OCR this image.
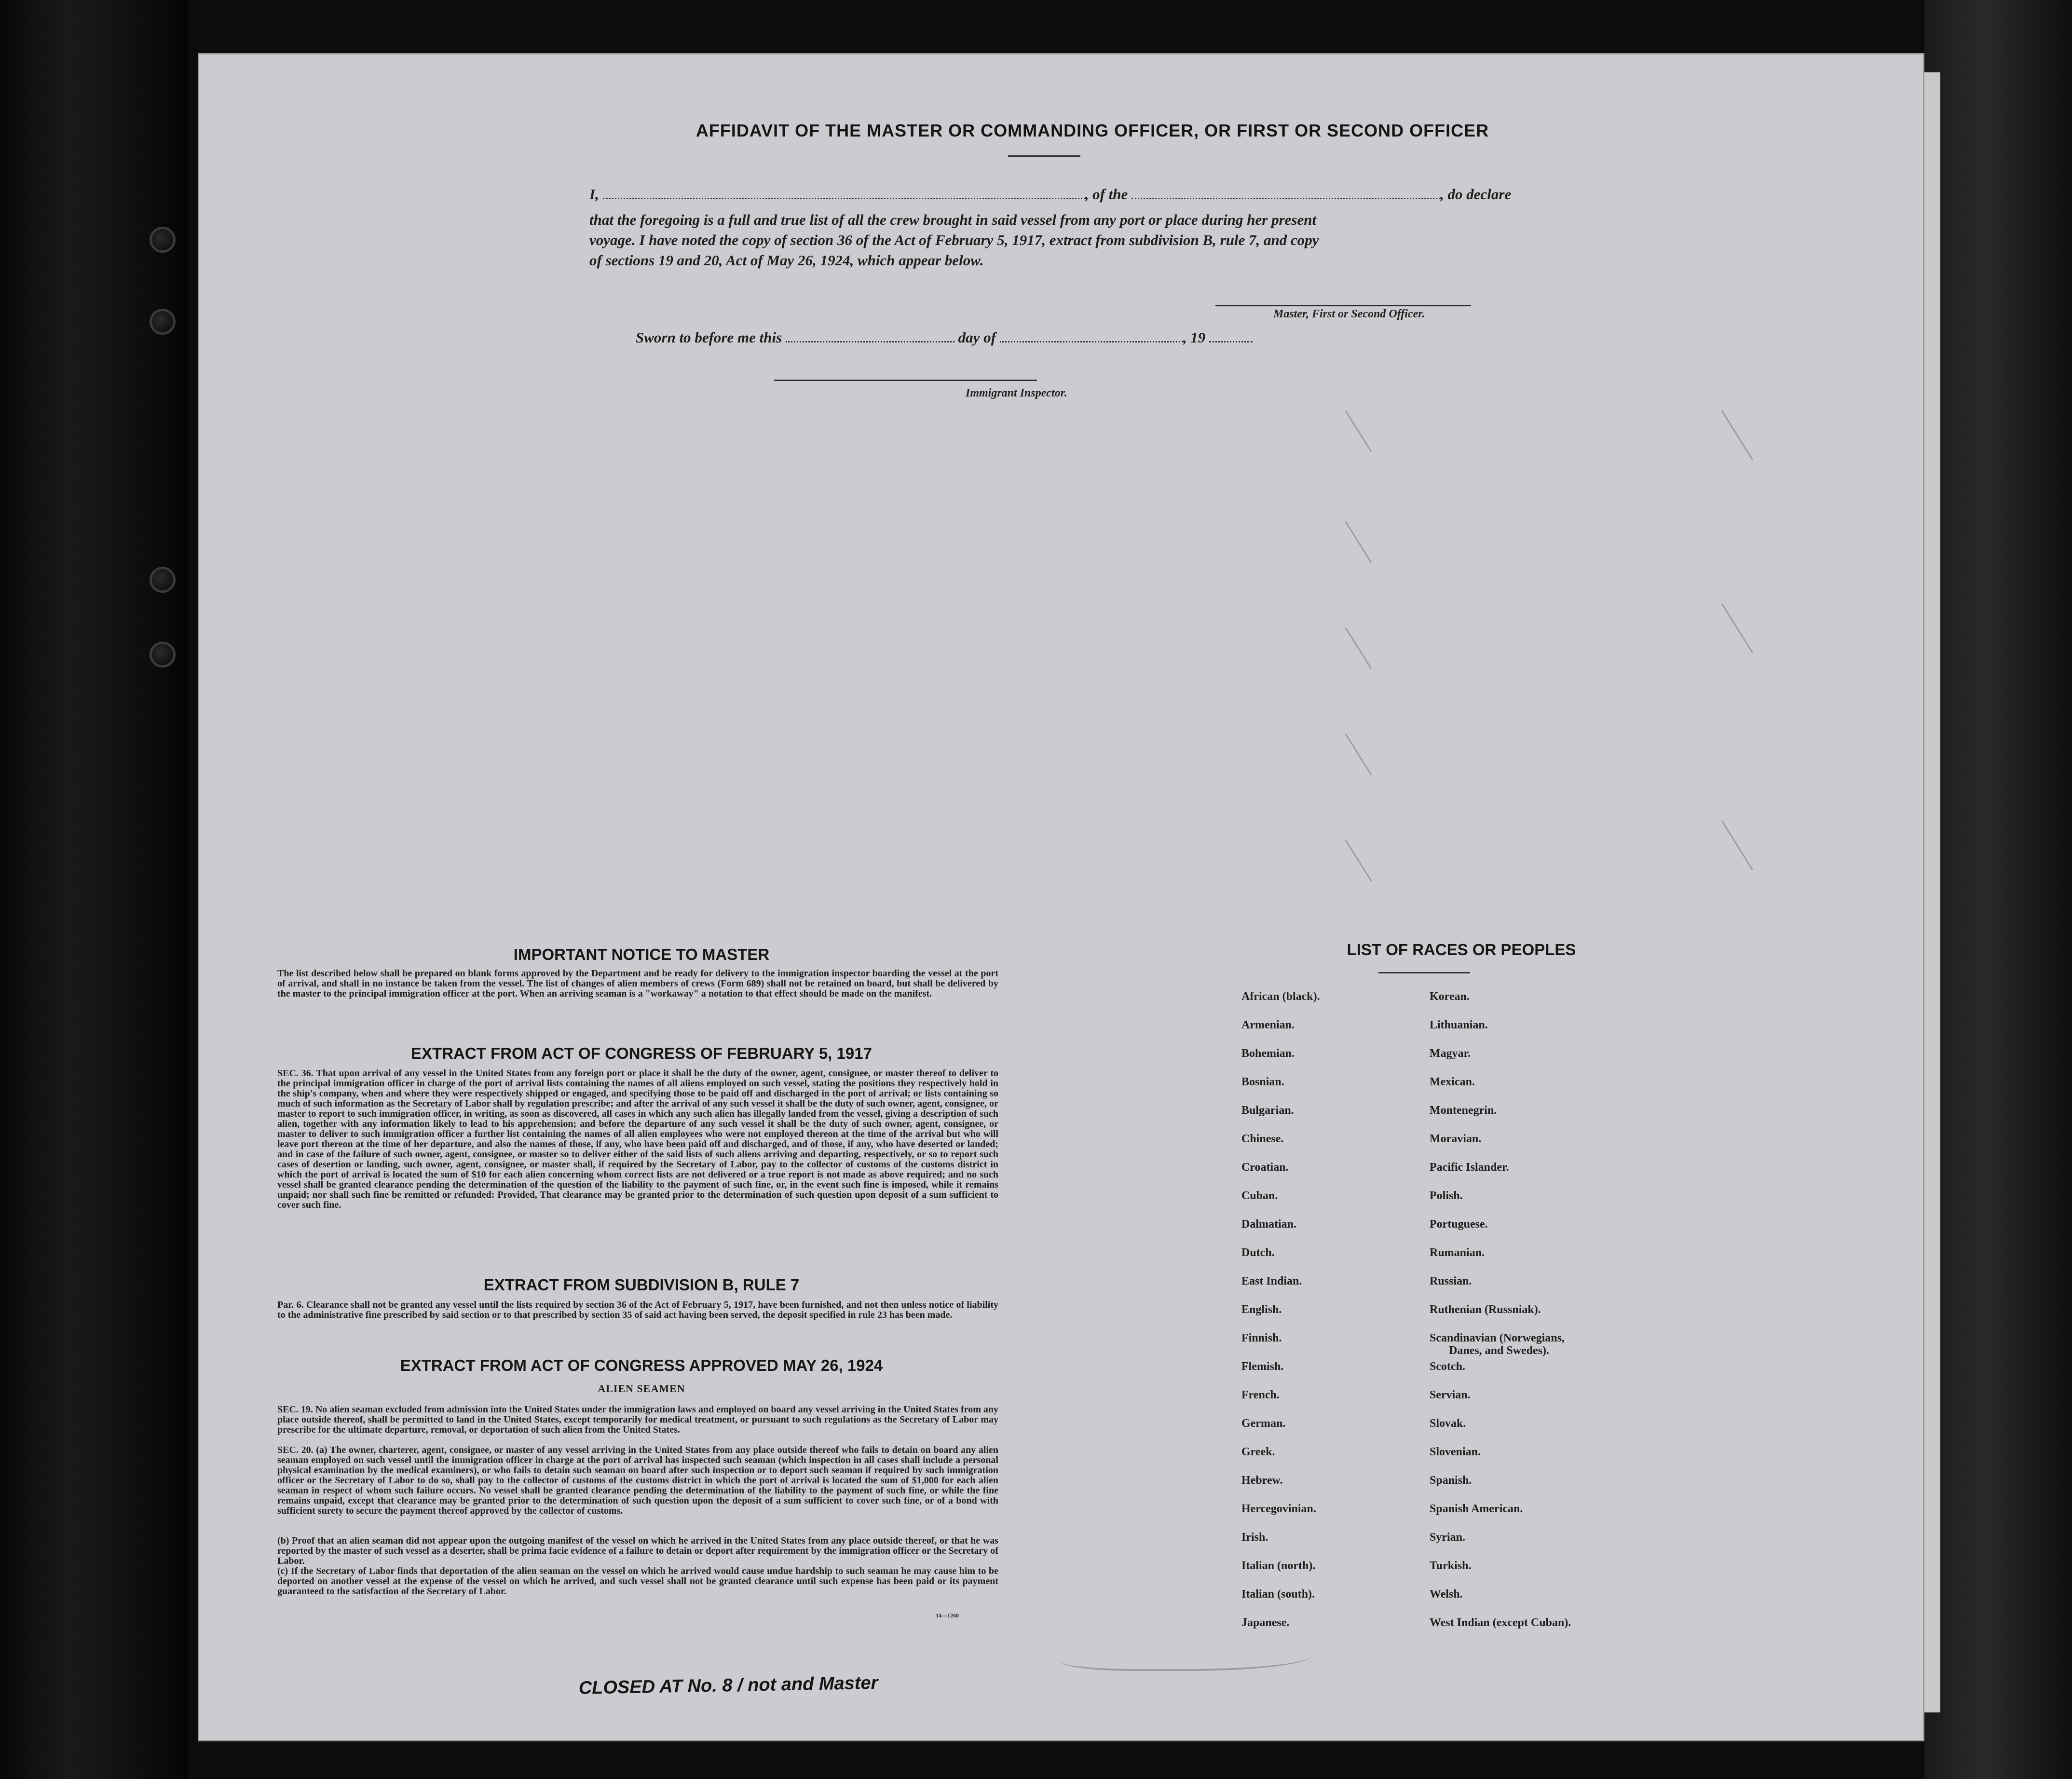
AFFIDAVIT OF THE MASTER OR COMMANDING OFFICER, OR FIRST OR SECOND OFFICER
I,	, of the	, do declare
that the foregoing is a full and true list of all the crew brought in said vessel from any port or place during her present
voyage. I have noted the copy of section 36 of the Act of February 5, 1917, extract from subdivision B, rule 7, and copy
of sections 19 and 20, Act of May 26, 1924, which appear below.
Master, First or Second Officer.
Sworn to before me this	day of	, 19
Immigrant Inspector.
IMPORTANT NOTICE TO MASTER
The list described below shall be prepared on blank forms approved by the Department and be ready for delivery to the immigration inspector boarding the vessel at the port of arrival, and shall in no instance be taken from the vessel. The list of changes of alien members of crews (Form 689) shall not be retained on board, but shall be delivered by the master to the principal immigration officer at the port. When an arriving seaman is a "workaway" a notation to that effect should be made on the manifest.
EXTRACT FROM ACT OF CONGRESS OF FEBRUARY 5, 1917
SEC. 36. That upon arrival of any vessel in the United States from any foreign port or place it shall be the duty of the owner, agent, consignee, or master thereof to deliver to the principal immigration officer in charge of the port of arrival lists containing the names of all aliens employed on such vessel, stating the positions they respectively hold in the ship's company, when and where they were respectively shipped or engaged, and specifying those to be paid off and discharged in the port of arrival; or lists containing so much of such information as the Secretary of Labor shall by regulation prescribe; and after the arrival of any such vessel it shall be the duty of such owner, agent, consignee, or master to report to such immigration officer, in writing, as soon as discovered, all cases in which any such alien has illegally landed from the vessel, giving a description of such alien, together with any information likely to lead to his apprehension; and before the departure of any such vessel it shall be the duty of such owner, agent, consignee, or master to deliver to such immigration officer a further list containing the names of all alien employees who were not employed thereon at the time of the arrival but who will leave port thereon at the time of her departure, and also the names of those, if any, who have been paid off and discharged, and of those, if any, who have deserted or landed; and in case of the failure of such owner, agent, consignee, or master so to deliver either of the said lists of such aliens arriving and departing, respectively, or so to report such cases of desertion or landing, such owner, agent, consignee, or master shall, if required by the Secretary of Labor, pay to the collector of customs of the customs district in which the port of arrival is located the sum of $10 for each alien concerning whom correct lists are not delivered or a true report is not made as above required; and no such vessel shall be granted clearance pending the determination of the question of the liability to the payment of such fine, or, in the event such fine is imposed, while it remains unpaid; nor shall such fine be remitted or refunded: Provided, That clearance may be granted prior to the determination of such question upon deposit of a sum sufficient to cover such fine.
EXTRACT FROM SUBDIVISION B, RULE 7
Par. 6. Clearance shall not be granted any vessel until the lists required by section 36 of the Act of February 5, 1917, have been furnished, and not then unless notice of liability to the administrative fine prescribed by said section or to that prescribed by section 35 of said act having been served, the deposit specified in rule 23 has been made.
EXTRACT FROM ACT OF CONGRESS APPROVED MAY 26, 1924
ALIEN SEAMEN
SEC. 19. No alien seaman excluded from admission into the United States under the immigration laws and employed on board any vessel arriving in the United States from any place outside thereof, shall be permitted to land in the United States, except temporarily for medical treatment, or pursuant to such regulations as the Secretary of Labor may prescribe for the ultimate departure, removal, or deportation of such alien from the United States.
SEC. 20. (a) The owner, charterer, agent, consignee, or master of any vessel arriving in the United States from any place outside thereof who fails to detain on board any alien seaman employed on such vessel until the immigration officer in charge at the port of arrival has inspected such seaman (which inspection in all cases shall include a personal physical examination by the medical examiners), or who fails to detain such seaman on board after such inspection or to deport such seaman if required by such immigration officer or the Secretary of Labor to do so, shall pay to the collector of customs of the customs district in which the port of arrival is located the sum of $1,000 for each alien seaman in respect of whom such failure occurs. No vessel shall be granted clearance pending the determination of the liability to the payment of such fine, or while the fine remains unpaid, except that clearance may be granted prior to the determination of such question upon the deposit of a sum sufficient to cover such fine, or of a bond with sufficient surety to secure the payment thereof approved by the collector of customs.
(b) Proof that an alien seaman did not appear upon the outgoing manifest of the vessel on which he arrived in the United States from any place outside thereof, or that he was reported by the master of such vessel as a deserter, shall be prima facie evidence of a failure to detain or deport after requirement by the immigration officer or the Secretary of Labor.
(c) If the Secretary of Labor finds that deportation of the alien seaman on the vessel on which he arrived would cause undue hardship to such seaman he may cause him to be deported on another vessel at the expense of the vessel on which he arrived, and such vessel shall not be granted clearance until such expense has been paid or its payment guaranteed to the satisfaction of the Secretary of Labor.
14—1260
LIST OF RACES OR PEOPLES
African (black).
Armenian.
Bohemian.
Bosnian.
Bulgarian.
Chinese.
Croatian.
Cuban.
Dalmatian.
Dutch.
East Indian.
English.
Finnish.
Flemish.
French.
German.
Greek.
Hebrew.
Hercegovinian.
Irish.
Italian (north).
Italian (south).
Japanese.
Korean.
Lithuanian.
Magyar.
Mexican.
Montenegrin.
Moravian.
Pacific Islander.
Polish.
Portuguese.
Rumanian.
Russian.
Ruthenian (Russniak).
Scandinavian (Norwegians,
Danes, and Swedes).
Scotch.
Servian.
Slovak.
Slovenian.
Spanish.
Spanish American.
Syrian.
Turkish.
Welsh.
West Indian (except Cuban).
CLOSED AT No. 8 / not and Master
